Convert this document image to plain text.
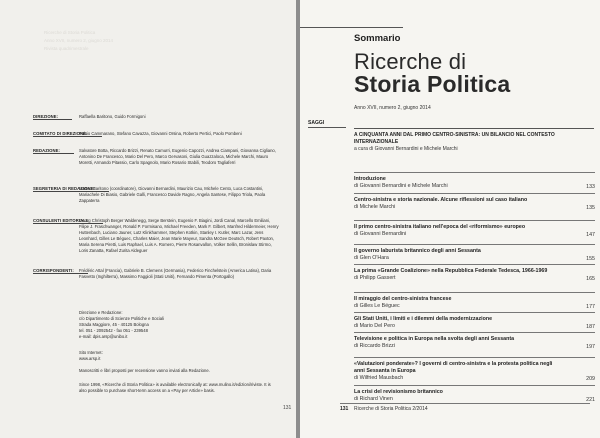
Ricerche di Storia Politica
Anno XVII, numero 2, giugno 2014
Rivista quadrimestrale
DIREZIONE:	Raffaella Baritono, Guido Formigoni
COMITATO DI DIREZIONE:
Fulvio Cammarano, Stefano Cavazza, Giovanni Orsina, Roberto Pertici, Paolo Pombeni
REDAZIONE:	Salvatore Botta, Riccardo Brizzi, Renato Camurri, Eugenio Capozzi, Andrea Ciampani, Giovanna Cigliano, Antonino De Francesco, Mario Del Pero, Marco Gervasoni, Giulia Guazzaloca, Michele Marchi, Mauro Moretti, Armando Pitassio, Carlo Spagnolo, Mario Rosario Stabili, Teodoro Tagliaferri
SEGRETERIA DI REDAZIONE:
Matteo Baritono (coordinatore), Giovanni Bernardini, Maurizio Cau, Michele Cento, Luca Costantini, Mariachele Di Biasio, Gabriele Galli, Francesco Davide Ragno, Angela Santese, Filippo Triola, Paola Zappaterra
CONSULENTI EDITORIALI:
Georg Christoph Berger Waldenegg, Serge Berstein, Eugenio F. Biagini, Jordi Canal, Marcello Emiliani, Filipe J. Fraschwanger, Ronald P. Formisano, Michael Freeden, Mark F. Gilbert, Manfred Hildermeier, Henry Huttenbach, Luciano Jauner, Lutz Klinkhammer, Stephen Kotkin, Stanley I. Kutler, Marc Lazar, Jens Leonhard, Gilles Le Béguec, Charles Maier, Jean Marie Mayeur, Sandra McGee Deutsch, Robert Paxton, Maria Serena Piretti, Luis Raphael, Luis A. Romero, Pierre Rosanvallon, Volker Sellin, Bronislaw Stirmo, Loris Zanatta, Rafael Zurita Aldeguer
CORRISPONDENTI: Frédéric Attal (Francia), Gabriele B. Clemens (Germania), Federico Finchelstein (America Latina), Daria Fasvetto (Inghilterra), Massimo Faggioli (Stati Uniti), Fernando Pimenta (Portogallo)
Direzione e Redazione:
c/o Dipartimento di Scienze Politiche e Sociali
Strada Maggiore, 45 - 40125 Bologna
tel. 051 - 2092542 - fax 051 - 239548
e-mail: dpis.arsp@unibo.it
Sito Internet:
www.arsp.it
Manoscritti e libri proposti per recensione vanno inviati alla Redazione.
Since 1998, «Ricerche di Storia Politica» is available electronically at: www.mulino.it/edizioni/riviste. It is also possible to purchase short-term access on a «Pay per Article» basis.
131
Sommario
Ricerche di
Storia Politica
Anno XVII, numero 2, giugno 2014
SAGGI
A CINQUANTA ANNI DAL PRIMO CENTRO-SINISTRA: UN BILANCIO NEL CONTESTO INTERNAZIONALE
a cura di Giovanni Bernardini e Michele Marchi
Introduzione
di Giovanni Bernardini e Michele Marchi	133
Centro-sinistra e storia nazionale. Alcune riflessioni sul caso italiano
di Michele Marchi	135
Il primo centro-sinistra italiano nell'epoca del «riformismo» europeo
di Giovanni Bernardini	147
Il governo laburista britannico degli anni Sessanta
di Glen O'Hara	155
La prima «Grande Coalizione» nella Repubblica Federale Tedesca, 1966-1969
di Philipp Gassert	165
Il miraggio del centro-sinistra francese
di Gilles Le Béguec	177
Gli Stati Uniti, i limiti e i dilemmi della modernizzazione
di Mario Del Pero	187
Televisione e politica in Europa nella svolta degli anni Sessanta
di Riccardo Brizzi	197
«Valutazioni ponderate»? I governi di centro-sinistra e la protesta politica negli anni Sessanta in Europa
di Wilfried Mausbach	209
La crisi del revisionismo britannico
di Richard Vinen	221
131 Ricerche di Storia Politica 2/2014
